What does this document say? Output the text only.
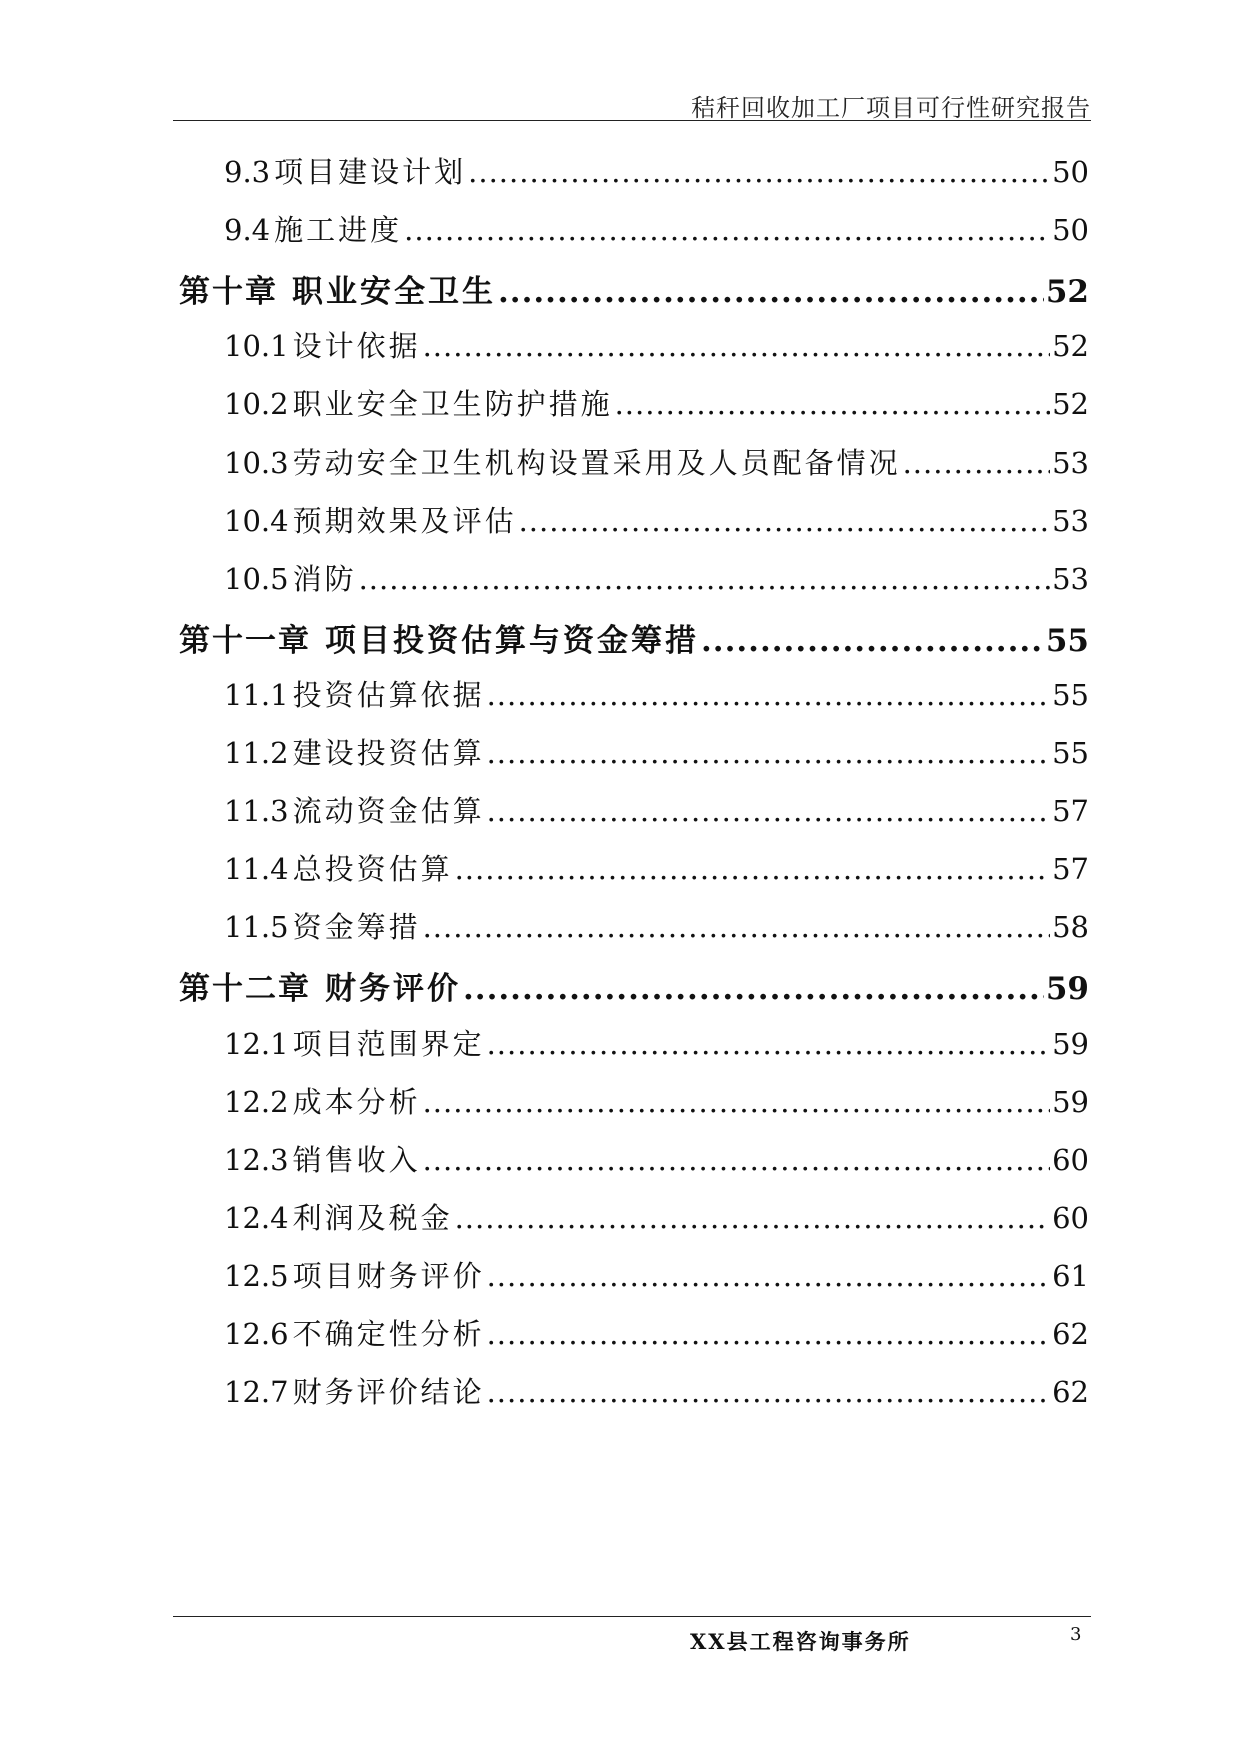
秸秆回收加工厂项目可行性研究报告
9.3 项目建设计划 .....	50
9.4 施工进度 .....	50
第十章 职业安全卫生 .....	52
10.1 设计依据 .....	52
10.2 职业安全卫生防护措施 .....	52
10.3 劳动安全卫生机构设置采用及人员配备情况 .....	53
10.4 预期效果及评估 .....	53
10.5 消防 .....	53
第十一章 项目投资估算与资金筹措 .....	55
11.1 投资估算依据 .....	55
11.2 建设投资估算 .....	55
11.3 流动资金估算 .....	57
11.4 总投资估算 .....	57
11.5 资金筹措 .....	58
第十二章 财务评价 .....	59
12.1 项目范围界定 .....	59
12.2 成本分析 .....	59
12.3 销售收入 .....	60
12.4 利润及税金 .....	60
12.5 项目财务评价 .....	61
12.6 不确定性分析 .....	62
12.7 财务评价结论 .....	62
XX县工程咨询事务所	3
